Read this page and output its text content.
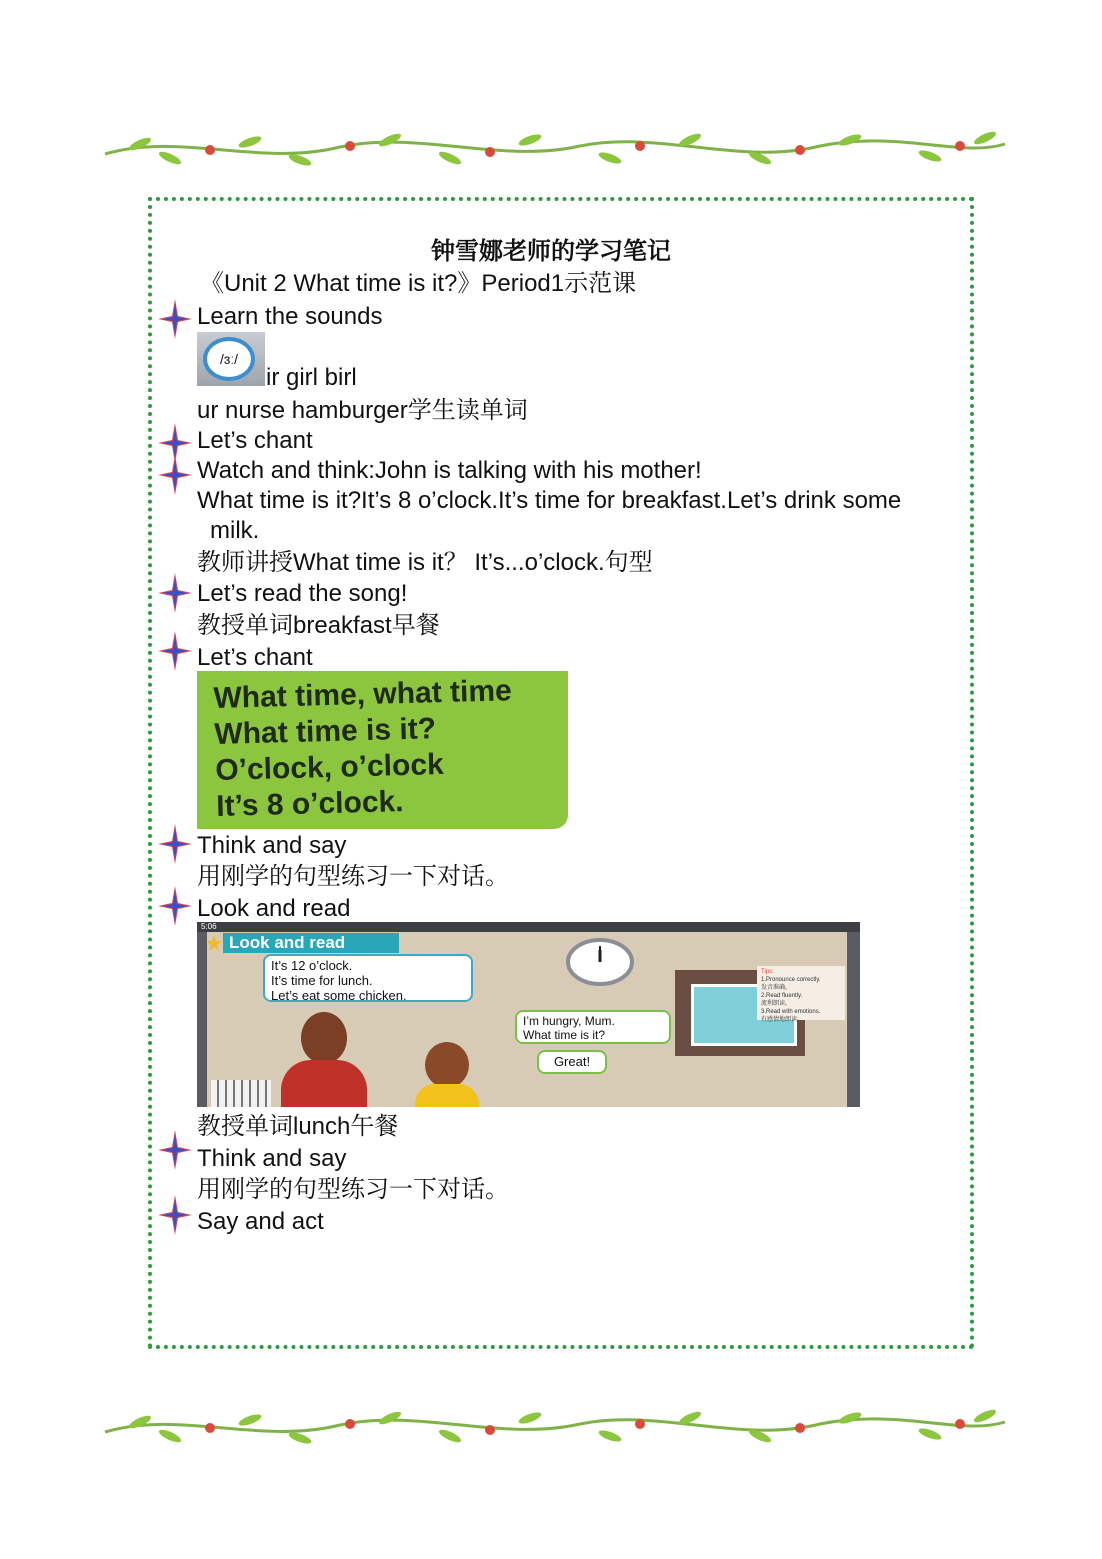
钟雪娜老师的学习笔记
《Unit 2 What time is it?》Period1示范课
Learn the sounds
/ɜː/
ir girl birl
ur nurse hamburger学生读单词
Let’s chant
Watch and think:John is talking with his mother!
What time is it?It’s 8 o’clock.It’s time for breakfast.Let’s drink some
milk.
教师讲授What time is it？ It’s...o’clock.句型
Let’s read the song!
教授单词breakfast早餐
Let’s chant
What time, what time
What time is it?
O’clock, o’clock
It’s 8 o’clock.
Think and say
用刚学的句型练习一下对话。
Look and read
5:06
Look and read
Tips:
1.Pronounce correctly.
发音准确。
2.Read fluently.
流利朗读。
3.Read with emotions.
有感情地朗读。
It’s 12 o’clock.
It’s time for lunch.
Let’s eat some chicken.
I’m hungry, Mum.
What time is it?
Great!
教授单词lunch午餐
Think and say
用刚学的句型练习一下对话。
Say and act
